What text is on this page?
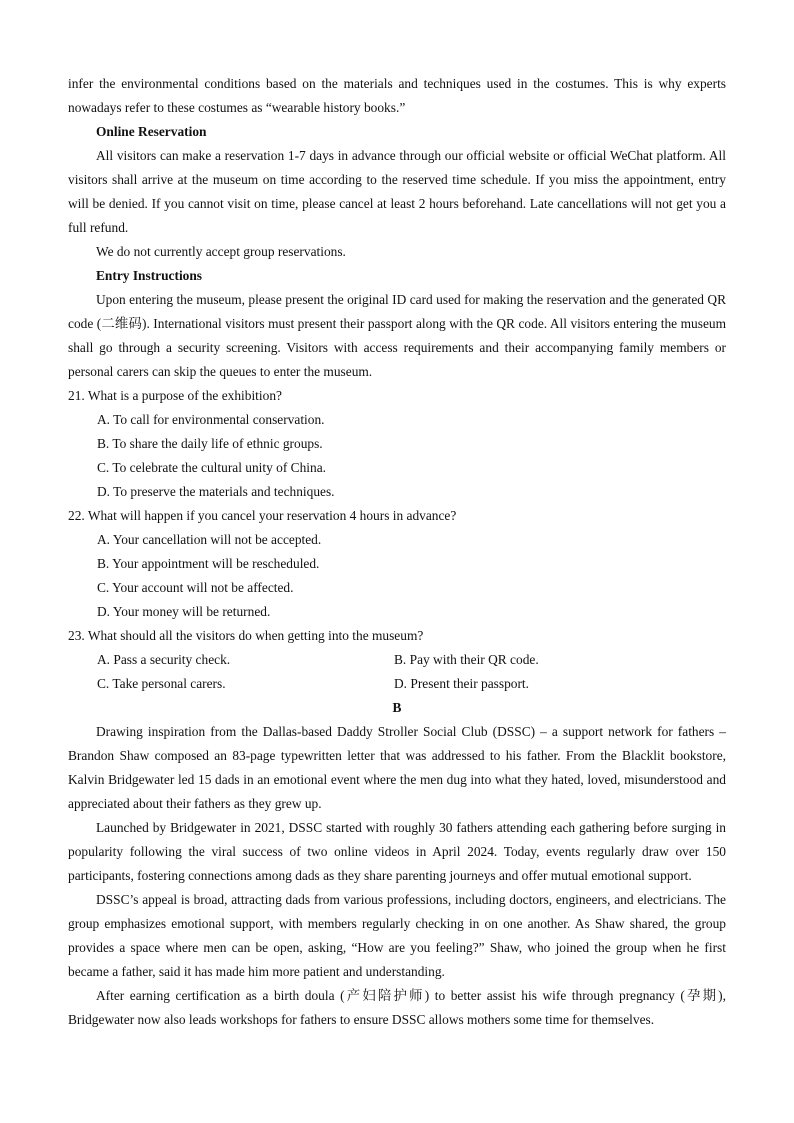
infer the environmental conditions based on the materials and techniques used in the costumes. This is why experts nowadays refer to these costumes as “wearable history books.”

Online Reservation

All visitors can make a reservation 1-7 days in advance through our official website or official WeChat platform. All visitors shall arrive at the museum on time according to the reserved time schedule. If you miss the appointment, entry will be denied. If you cannot visit on time, please cancel at least 2 hours beforehand. Late cancellations will not get you a full refund.

We do not currently accept group reservations.

Entry Instructions

Upon entering the museum, please present the original ID card used for making the reservation and the generated QR code (二维码). International visitors must present their passport along with the QR code. All visitors entering the museum shall go through a security screening. Visitors with access requirements and their accompanying family members or personal carers can skip the queues to enter the museum.

21. What is a purpose of the exhibition?

A. To call for environmental conservation.

B. To share the daily life of ethnic groups.

C. To celebrate the cultural unity of China.

D. To preserve the materials and techniques.

22. What will happen if you cancel your reservation 4 hours in advance?

A. Your cancellation will not be accepted.

B. Your appointment will be rescheduled.

C. Your account will not be affected.

D. Your money will be returned.

23. What should all the visitors do when getting into the museum?

A. Pass a security check.	B. Pay with their QR code.
C. Take personal carers.	D. Present their passport.

B

Drawing inspiration from the Dallas-based Daddy Stroller Social Club (DSSC) – a support network for fathers – Brandon Shaw composed an 83-page typewritten letter that was addressed to his father. From the Blacklit bookstore, Kalvin Bridgewater led 15 dads in an emotional event where the men dug into what they hated, loved, misunderstood and appreciated about their fathers as they grew up.

Launched by Bridgewater in 2021, DSSC started with roughly 30 fathers attending each gathering before surging in popularity following the viral success of two online videos in April 2024. Today, events regularly draw over 150 participants, fostering connections among dads as they share parenting journeys and offer mutual emotional support.

DSSC’s appeal is broad, attracting dads from various professions, including doctors, engineers, and electricians. The group emphasizes emotional support, with members regularly checking in on one another. As Shaw shared, the group provides a space where men can be open, asking, “How are you feeling?” Shaw, who joined the group when he first became a father, said it has made him more patient and understanding.

After earning certification as a birth doula (产妇陪护师) to better assist his wife through pregnancy (孕期), Bridgewater now also leads workshops for fathers to ensure DSSC allows mothers some time for themselves.
